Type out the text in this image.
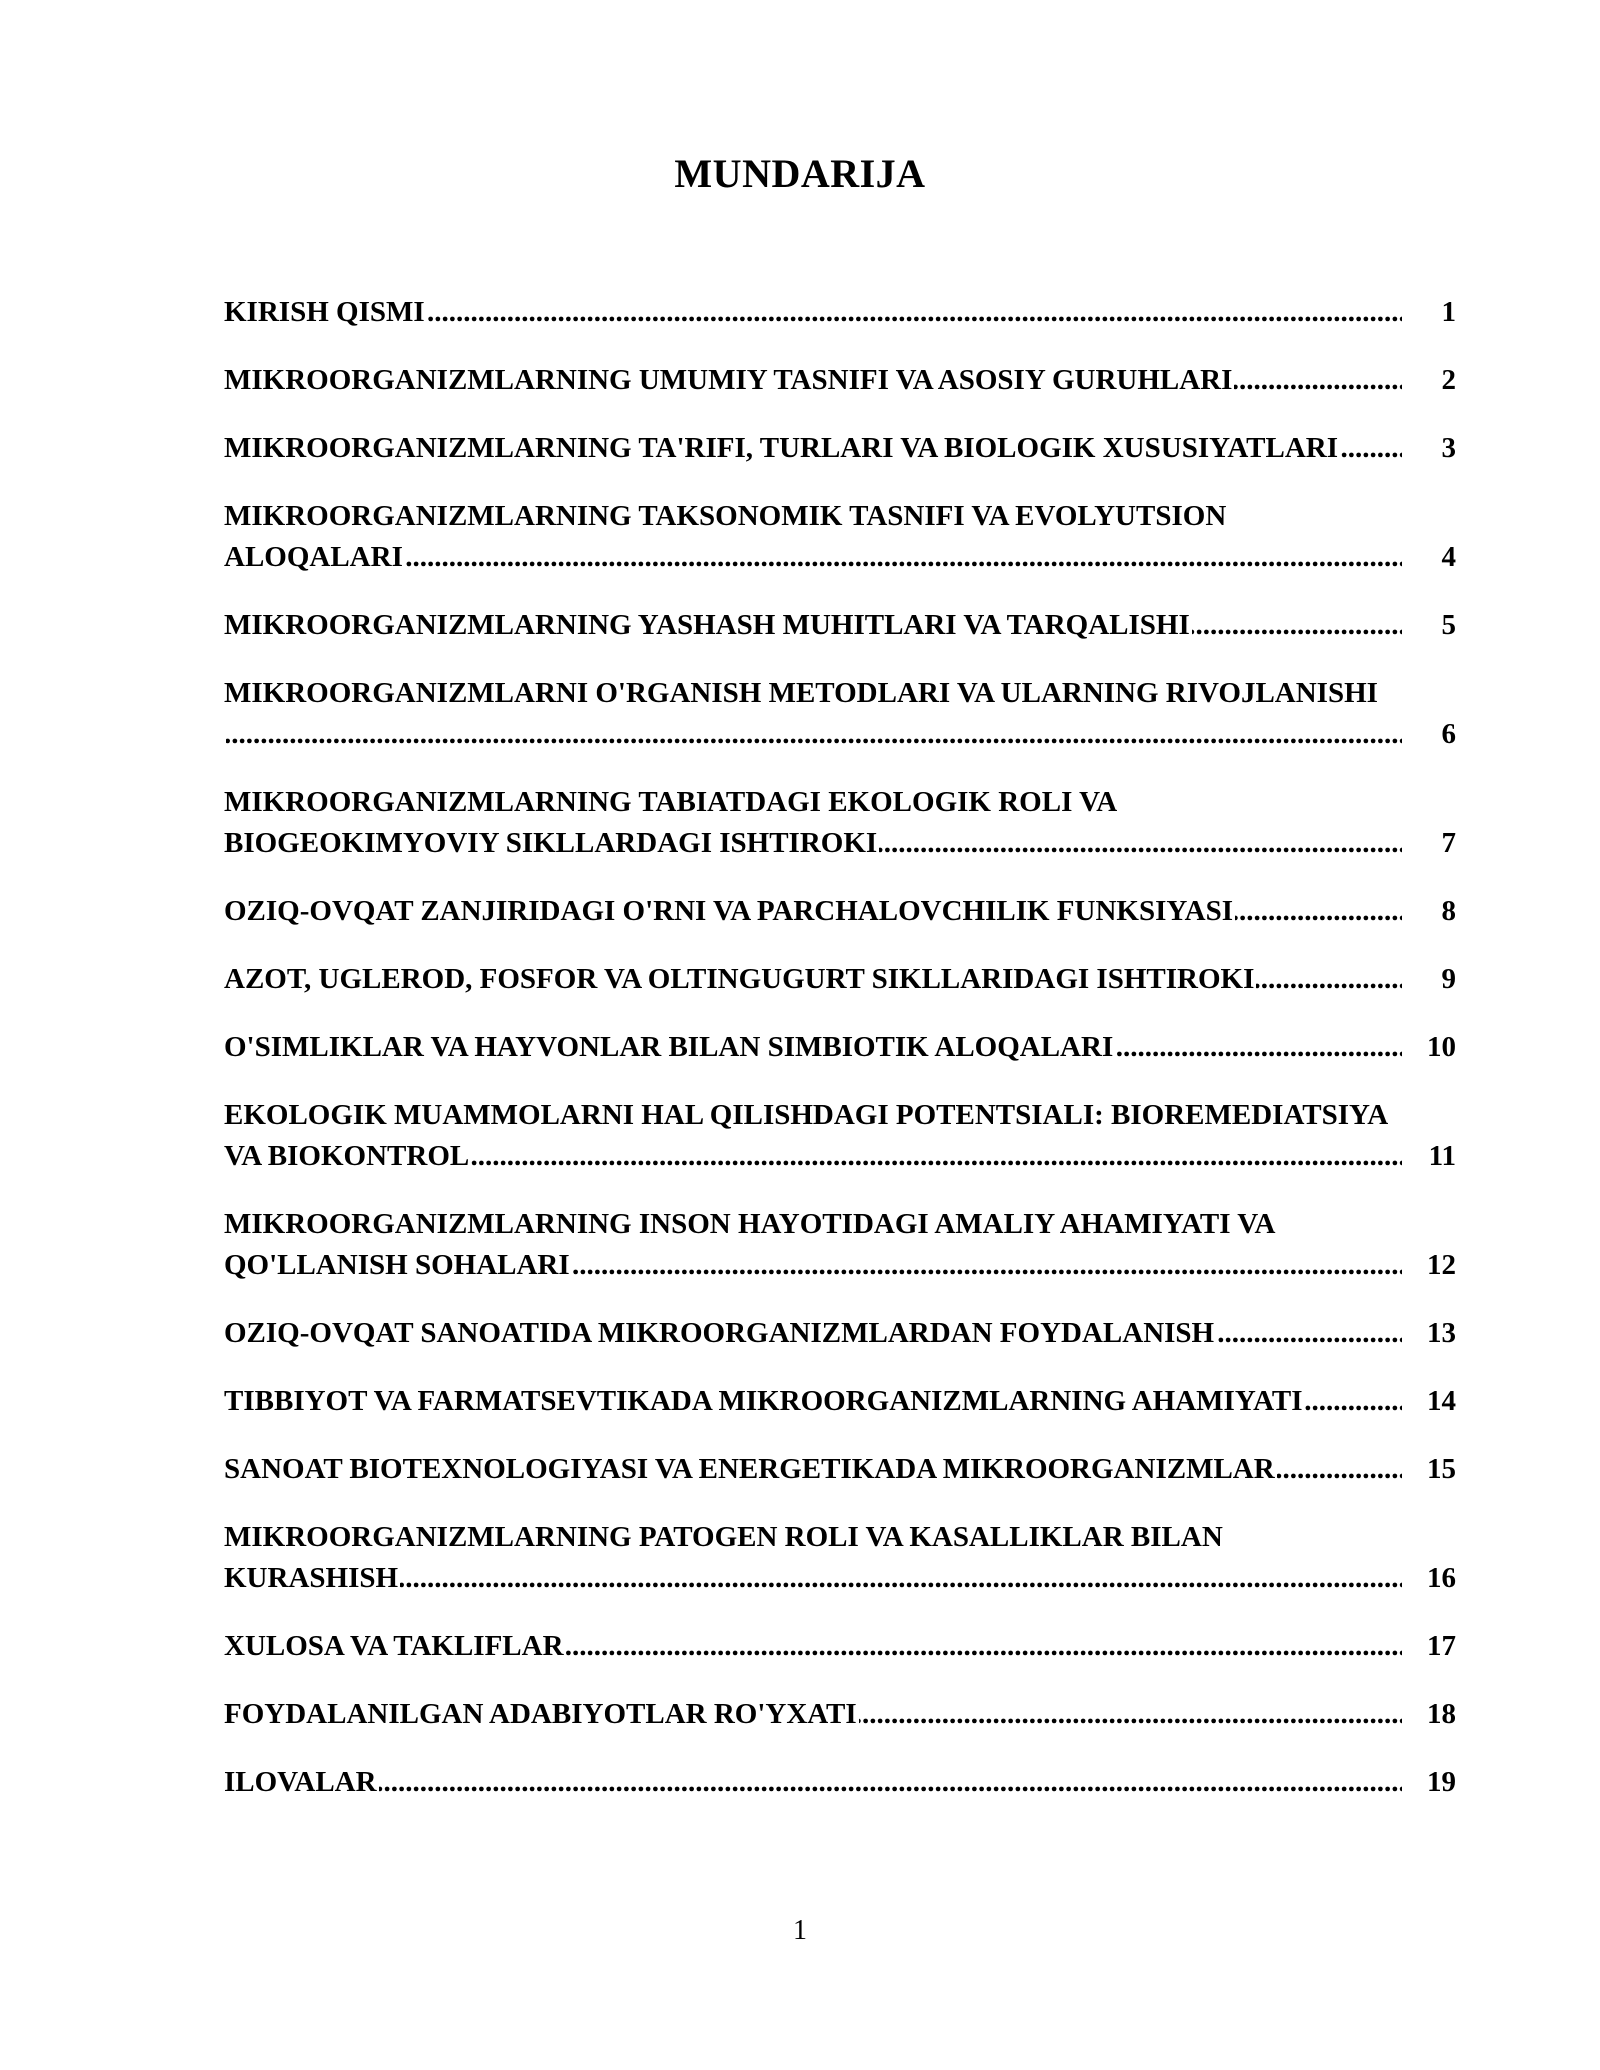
MUNDARIJA
.....
KIRISH QISMI	1
.....
MIKROORGANIZMLARNING UMUMIY TASNIFI VA ASOSIY GURUHLARI	2
.....
MIKROORGANIZMLARNING TA'RIFI, TURLARI VA BIOLOGIK XUSUSIYATLARI	3
.....
MIKROORGANIZMLARNING TAKSONOMIK TASNIFI VA EVOLYUTSION
ALOQALARI	4
.....
MIKROORGANIZMLARNING YASHASH MUHITLARI VA TARQALISHI	5
.....
MIKROORGANIZMLARNI O'RGANISH METODLARI VA ULARNING RIVOJLANISHI

6
.....
MIKROORGANIZMLARNING TABIATDAGI EKOLOGIK ROLI VA
BIOGEOKIMYOVIY SIKLLARDAGI ISHTIROKI	7
.....
OZIQ-OVQAT ZANJIRIDAGI O'RNI VA PARCHALOVCHILIK FUNKSIYASI	8
.....
AZOT, UGLEROD, FOSFOR VA OLTINGUGURT SIKLLARIDAGI ISHTIROKI	9
.....
O'SIMLIKLAR VA HAYVONLAR BILAN SIMBIOTIK ALOQALARI	10
.....
EKOLOGIK MUAMMOLARNI HAL QILISHDAGI POTENTSIALI: BIOREMEDIATSIYA
VA BIOKONTROL	11
.....
MIKROORGANIZMLARNING INSON HAYOTIDAGI AMALIY AHAMIYATI VA
QO'LLANISH SOHALARI	12
.....
OZIQ-OVQAT SANOATIDA MIKROORGANIZMLARDAN FOYDALANISH	13
.....
TIBBIYOT VA FARMATSEVTIKADA MIKROORGANIZMLARNING AHAMIYATI	14
.....
SANOAT BIOTEXNOLOGIYASI VA ENERGETIKADA MIKROORGANIZMLAR	15
.....
MIKROORGANIZMLARNING PATOGEN ROLI VA KASALLIKLAR BILAN
KURASHISH	16
.....
XULOSA VA TAKLIFLAR	17
.....
FOYDALANILGAN ADABIYOTLAR RO'YXATI	18
.....
ILOVALAR	19
1
